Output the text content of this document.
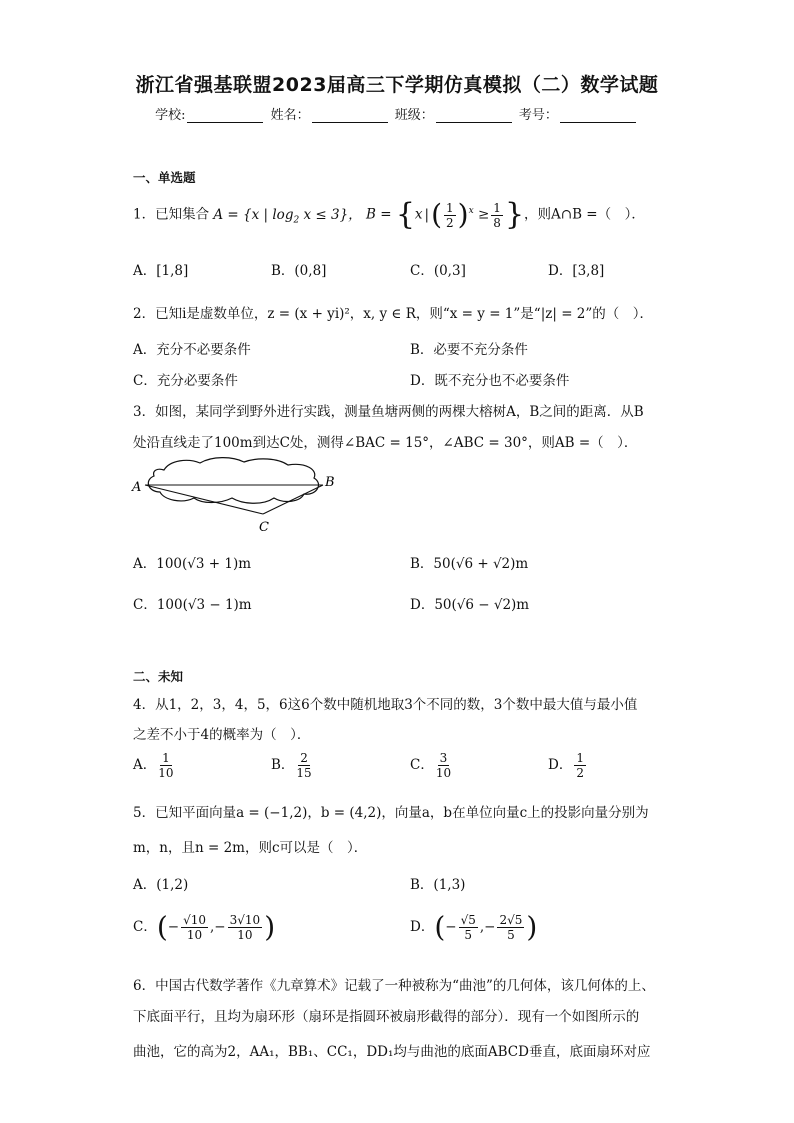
浙江省强基联盟2023届高三下学期仿真模拟（二）数学试题
学校:	姓名：	班级：	考号：
一、单选题
1．已知集合 A = {x | $\log_2 x \le 3$}， B = {x |( $\frac{1}{2} )^x \ge \frac{1}{8}$ }，则A∩B =（　）．
A．[1,8]	B．(0,8]	C．(0,3]	D．[3,8]
2．已知i是虚数单位，z = (x + yi)²，x, y ∈ R，则“x = y = 1”是“|z| = 2”的（　）．
A．充分不必要条件	B．必要不充分条件
C．充分必要条件	D．既不充分也不必要条件
3．如图，某同学到野外进行实践，测量鱼塘两侧的两棵大榕树A，B之间的距离．从B
处沿直线走了100m到达C处，测得∠BAC = 15°，∠ABC = 30°，则AB =（　）．
A	B
C
A．100(√3 + 1)m	B．50(√6 + √2)m
C．100(√3 − 1)m	D．50(√6 − √2)m
二、未知
4．从1，2，3，4，5，6这6个数中随机地取3个不同的数，3个数中最大值与最小值
之差不小于4的概率为（　）．
A． $\frac{1}{10}$	B． $\frac{2}{15}$	C． $\frac{3}{10}$	D． $\frac{1}{2}$
5．已知平面向量a = (−1,2)，b = (4,2)，向量a，b在单位向量c上的投影向量分别为
m，n，且n = 2m，则c可以是（　）．
A．(1,2)	B．(1,3)
C．(− $\frac{√10}{10}$ ,− $\frac{3√10}{10}$ )	D．(− $\frac{√5}{5}$ ,− $\frac{2√5}{5}$ )
6．中国古代数学著作《九章算术》记载了一种被称为“曲池”的几何体，该几何体的上、
下底面平行，且均为扇环形（扇环是指圆环被扇形截得的部分）．现有一个如图所示的
曲池，它的高为2，AA₁，BB₁、CC₁，DD₁均与曲池的底面ABCD垂直，底面扇环对应
